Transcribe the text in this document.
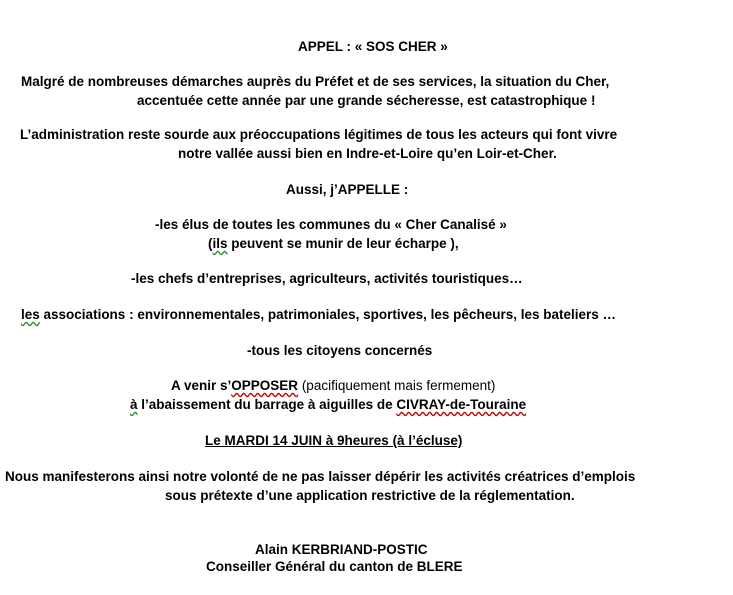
APPEL : « SOS CHER »
Malgré de nombreuses démarches auprès du Préfet et de ses services, la situation du Cher,
accentuée cette année par une grande sécheresse, est catastrophique !
L’administration reste sourde aux préoccupations légitimes de tous les acteurs qui font vivre
notre vallée aussi bien en Indre-et-Loire qu’en Loir-et-Cher.
Aussi, j’APPELLE :
-les élus de toutes les communes du « Cher Canalisé »
(ils peuvent se munir de leur écharpe ),
-les chefs d’entreprises, agriculteurs, activités touristiques…
les associations : environnementales, patrimoniales, sportives, les pêcheurs, les bateliers …
-tous les citoyens concernés
A venir s’OPPOSER (pacifiquement mais fermement)
à l’abaissement du barrage à aiguilles de CIVRAY-de-Touraine
Le MARDI 14 JUIN à 9heures (à l’écluse)
Nous manifesterons ainsi notre volonté de ne pas laisser dépérir les activités créatrices d’emplois
sous prétexte d’une application restrictive de la réglementation.
Alain KERBRIAND-POSTIC
Conseiller Général du canton de BLERE
